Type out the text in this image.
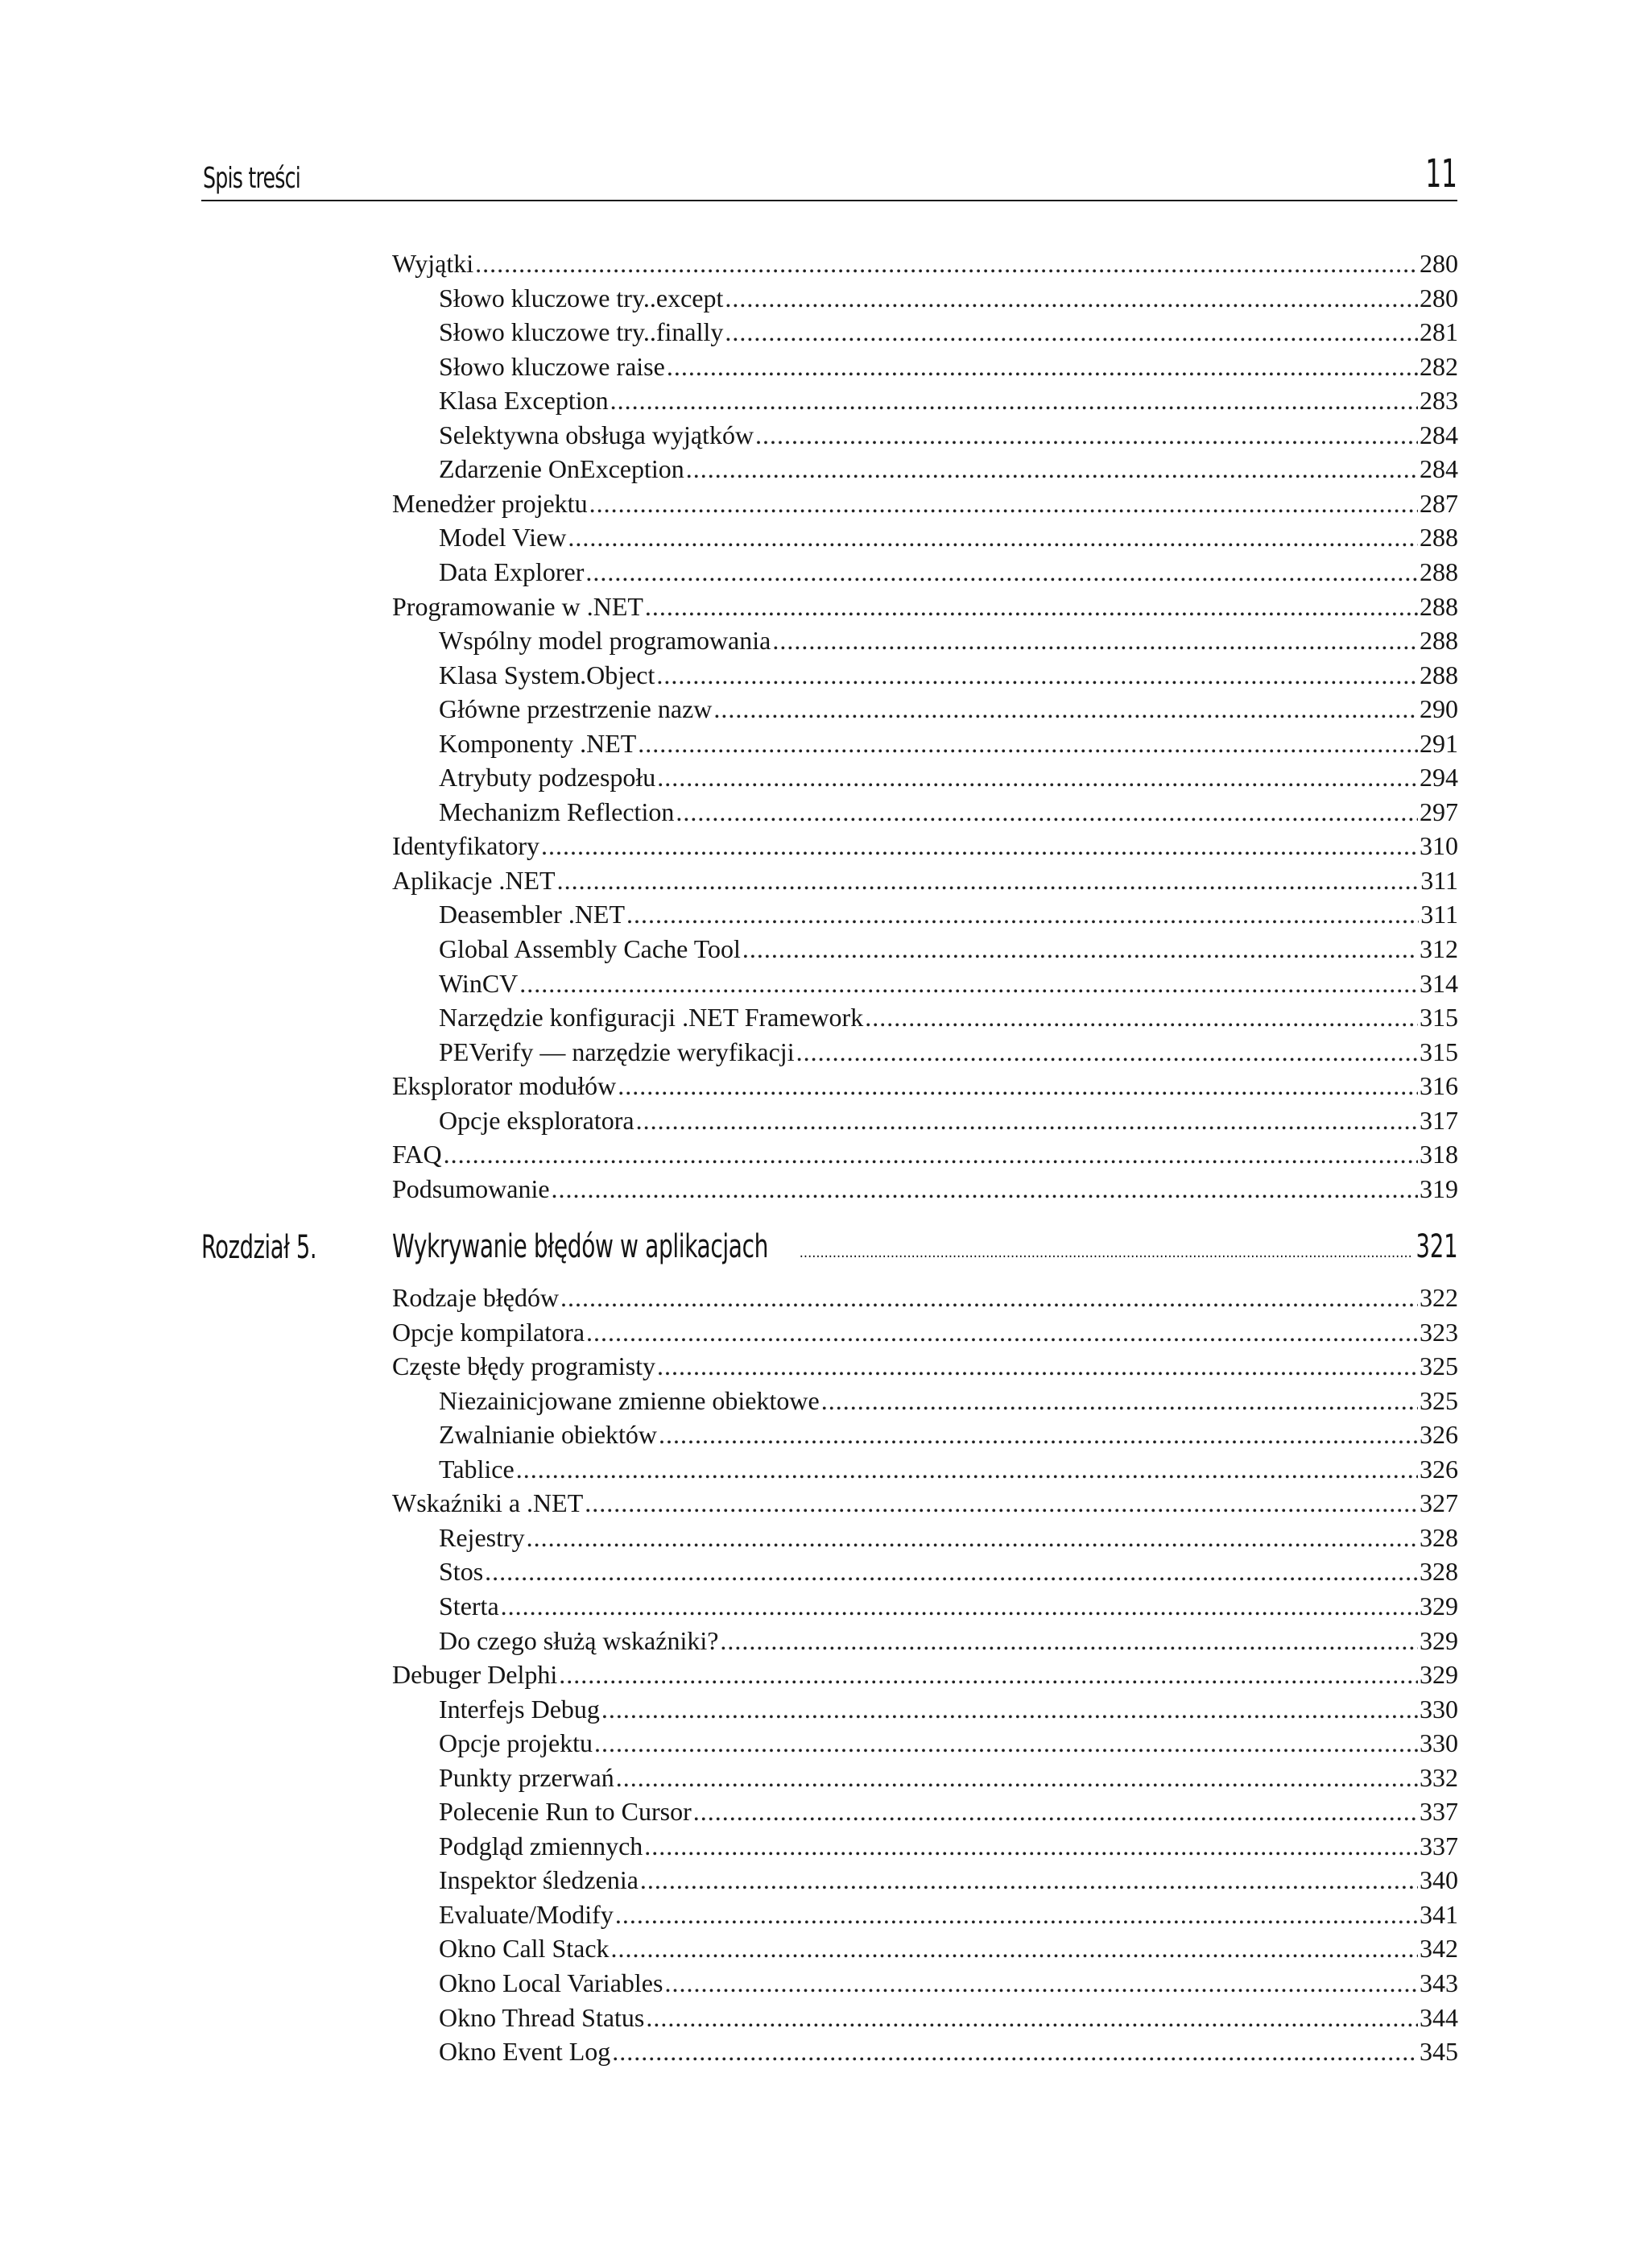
Spis treści	11
Wyjątki .....	280
Słowo kluczowe try..except .....	280
Słowo kluczowe try..finally .....	281
Słowo kluczowe raise .....	282
Klasa Exception .....	283
Selektywna obsługa wyjątków .....	284
Zdarzenie OnException .....	284
Menedżer projektu .....	287
Model View .....	288
Data Explorer .....	288
Programowanie w .NET .....	288
Wspólny model programowania .....	288
Klasa System.Object .....	288
Główne przestrzenie nazw .....	290
Komponenty .NET .....	291
Atrybuty podzespołu .....	294
Mechanizm Reflection .....	297
Identyfikatory .....	310
Aplikacje .NET .....	311
Deasembler .NET .....	311
Global Assembly Cache Tool .....	312
WinCV .....	314
Narzędzie konfiguracji .NET Framework .....	315
PEVerify — narzędzie weryfikacji .....	315
Eksplorator modułów .....	316
Opcje eksploratora .....	317
FAQ .....	318
Podsumowanie .....	319
Rozdział 5. Wykrywanie błędów w aplikacjach .....	321
Rodzaje błędów .....	322
Opcje kompilatora .....	323
Częste błędy programisty .....	325
Niezainicjowane zmienne obiektowe .....	325
Zwalnianie obiektów .....	326
Tablice .....	326
Wskaźniki a .NET .....	327
Rejestry .....	328
Stos .....	328
Sterta .....	329
Do czego służą wskaźniki? .....	329
Debuger Delphi .....	329
Interfejs Debug .....	330
Opcje projektu .....	330
Punkty przerwań .....	332
Polecenie Run to Cursor .....	337
Podgląd zmiennych .....	337
Inspektor śledzenia .....	340
Evaluate/Modify .....	341
Okno Call Stack .....	342
Okno Local Variables .....	343
Okno Thread Status .....	344
Okno Event Log .....	345
